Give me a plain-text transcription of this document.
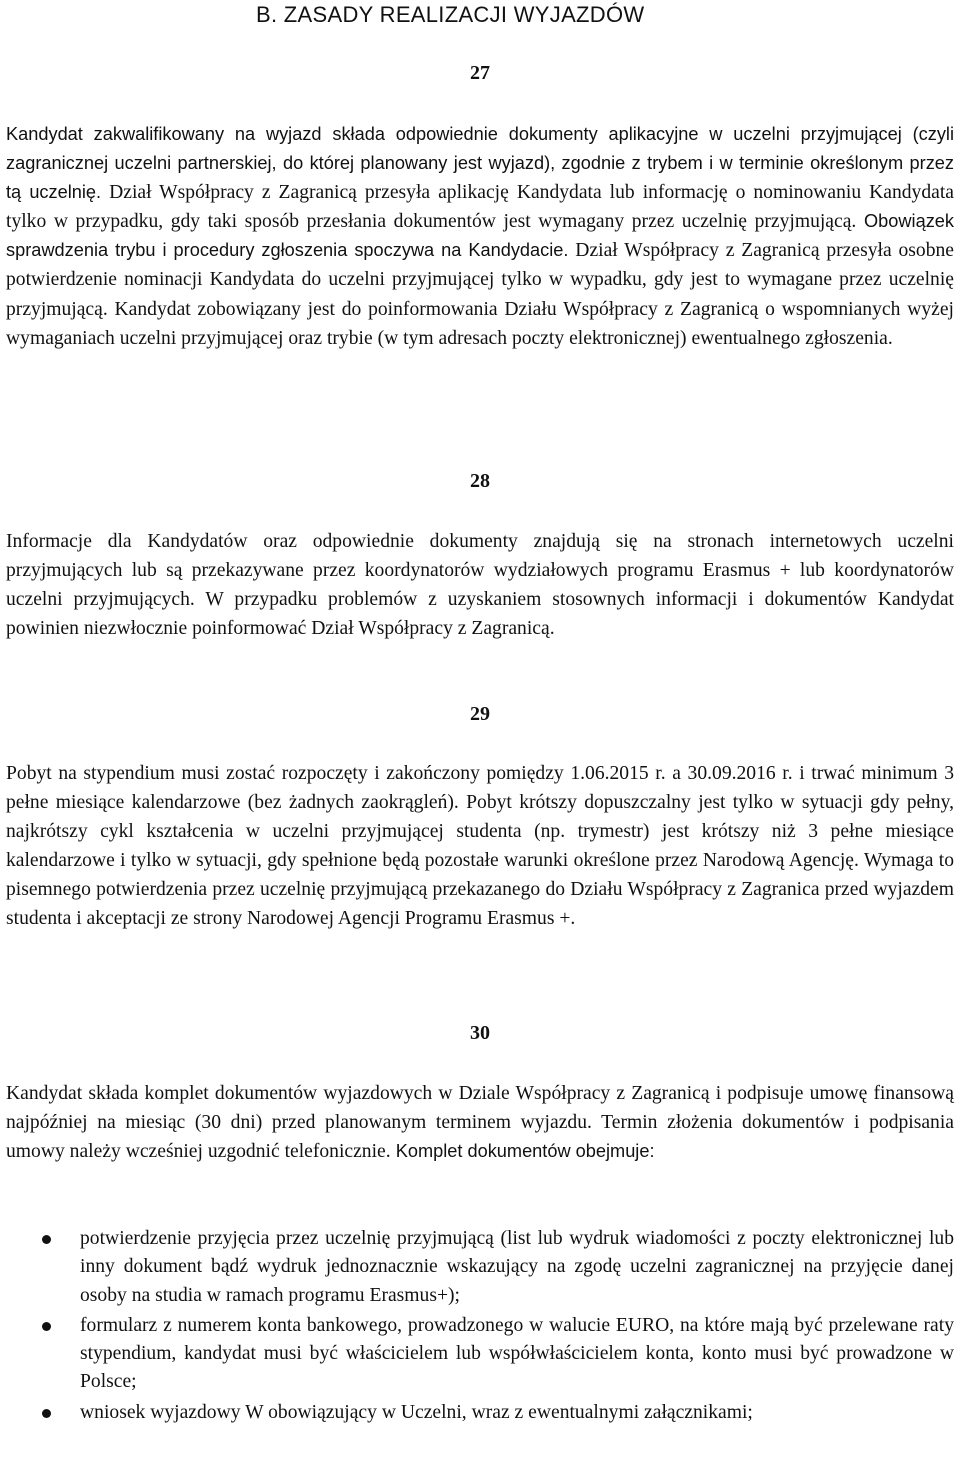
B. ZASADY REALIZACJI WYJAZDÓW
27
Kandydat zakwalifikowany na wyjazd składa odpowiednie dokumenty aplikacyjne w uczelni przyjmującej (czyli zagranicznej uczelni partnerskiej, do której planowany jest wyjazd), zgodnie z trybem i w terminie określonym przez tą uczelnię. Dział Współpracy z Zagranicą przesyła aplikację Kandydata lub informację o nominowaniu Kandydata tylko w przypadku, gdy taki sposób przesłania dokumentów jest wymagany przez uczelnię przyjmującą. Obowiązek sprawdzenia trybu i procedury zgłoszenia spoczywa na Kandydacie. Dział Współpracy z Zagranicą przesyła osobne potwierdzenie nominacji Kandydata do uczelni przyjmującej tylko w wypadku, gdy jest to wymagane przez uczelnię przyjmującą. Kandydat zobowiązany jest do poinformowania Działu Współpracy z Zagranicą o wspomnianych wyżej wymaganiach uczelni przyjmującej oraz trybie (w tym adresach poczty elektronicznej) ewentualnego zgłoszenia.
28
Informacje dla Kandydatów oraz odpowiednie dokumenty znajdują się na stronach internetowych uczelni przyjmujących lub są przekazywane przez koordynatorów wydziałowych programu Erasmus + lub koordynatorów uczelni przyjmujących. W przypadku problemów z uzyskaniem stosownych informacji i dokumentów Kandydat powinien niezwłocznie poinformować Dział Współpracy z Zagranicą.
29
Pobyt na stypendium musi zostać rozpoczęty i zakończony pomiędzy 1.06.2015 r. a 30.09.2016 r. i trwać minimum 3 pełne miesiące kalendarzowe (bez żadnych zaokrągleń). Pobyt krótszy dopuszczalny jest tylko w sytuacji gdy pełny, najkrótszy cykl kształcenia w uczelni przyjmującej studenta (np. trymestr) jest krótszy niż 3 pełne miesiące kalendarzowe i tylko w sytuacji, gdy spełnione będą pozostałe warunki określone przez Narodową Agencję. Wymaga to pisemnego potwierdzenia przez uczelnię przyjmującą przekazanego do Działu Współpracy z Zagranica przed wyjazdem studenta i akceptacji ze strony Narodowej Agencji Programu Erasmus +.
30
Kandydat składa komplet dokumentów wyjazdowych w Dziale Współpracy z Zagranicą i podpisuje umowę finansową najpóźniej na miesiąc (30 dni) przed planowanym terminem wyjazdu. Termin złożenia dokumentów i podpisania umowy należy wcześniej uzgodnić telefonicznie. Komplet dokumentów obejmuje:
potwierdzenie przyjęcia przez uczelnię przyjmującą (list lub wydruk wiadomości z poczty elektronicznej lub inny dokument bądź wydruk jednoznacznie wskazujący na zgodę uczelni zagranicznej na przyjęcie danej osoby na studia w ramach programu Erasmus+);
formularz z numerem konta bankowego, prowadzonego w walucie EURO, na które mają być przelewane raty stypendium, kandydat musi być właścicielem lub współwłaścicielem konta, konto musi być prowadzone w Polsce;
wniosek wyjazdowy W obowiązujący w Uczelni, wraz z ewentualnymi załącznikami;
